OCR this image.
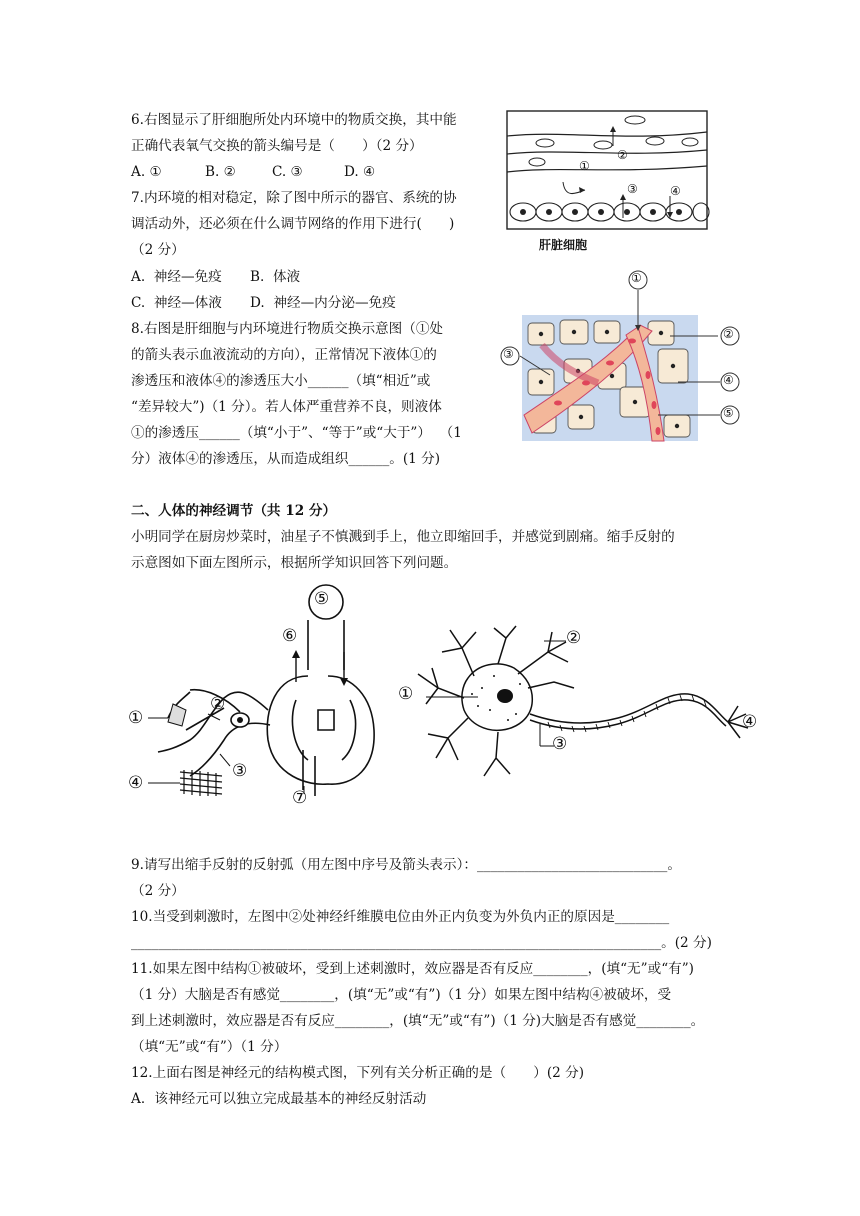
6.右图显示了肝细胞所处内环境中的物质交换，其中能
正确代表氧气交换的箭头编号是（　　）（2 分）
A. ①	B. ②	C. ③	D. ④
7.内环境的相对稳定，除了图中所示的器官、系统的协
调活动外，还必须在什么调节网络的作用下进行(　　)
（2 分）
A.  神经—免疫 B.  体液
C.  神经—体液 D.  神经—内分泌—免疫
8.右图是肝细胞与内环境进行物质交换示意图（①处
的箭头表示血液流动的方向），正常情况下液体①的
渗透压和液体④的渗透压大小______（填“相近”或
“差异较大”)（1 分）。若人体严重营养不良，则液体
①的渗透压______（填“小于”、“等于”或“大于”）  （1
分）液体④的渗透压，从而造成组织______。(1 分)
①
②
③	④
肝脏细胞
①
②
③
④
⑤
二、人体的神经调节（共 12 分）
小明同学在厨房炒菜时，油星子不慎溅到手上，他立即缩回手，并感觉到剧痛。缩手反射的
示意图如下面左图所示，根据所学知识回答下列问题。
①
②
③
④
⑤
⑥
⑦
①
②
③
④
9.请写出缩手反射的反射弧（用左图中序号及箭头表示）：____________________________。
（2 分）
10.当受到刺激时，左图中②处神经纤维膜电位由外正内负变为外负内正的原因是________
______________________________________________________________________________。(2 分)
11.如果左图中结构①被破坏，受到上述刺激时，效应器是否有反应________，(填“无”或“有”)
（1 分）大脑是否有感觉________，(填“无”或“有”)（1 分）如果左图中结构④被破坏，受
到上述刺激时，效应器是否有反应________，(填“无”或“有”)（1 分)大脑是否有感觉________。
（填“无”或“有”）（1 分）
12.上面右图是神经元的结构模式图，下列有关分析正确的是（　　）(2 分)
A．该神经元可以独立完成最基本的神经反射活动
